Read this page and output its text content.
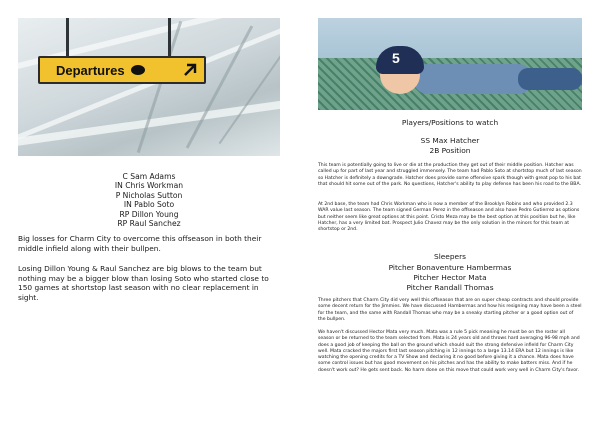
Departures
C Sam Adams
IN Chris Workman
P Nicholas Sutton
IN Pablo Soto
RP Dillon Young
RP Raul Sanchez
Big losses for Charm City to overcome this offseason in both their middle infield along with their bullpen.
Losing Dillon Young & Raul Sanchez are big blows to the team but nothing may be a bigger blow than losing Soto who started close to 150 games at shortstop last season with no clear replacement in sight.
5
Players/Positions to watch
SS Max Hatcher
2B Position
This team is potentially going to live or die at the production they get out of their middle position. Hatcher was called up for part of last year and struggled immensely. The team had Pablo Soto at shortstop much of last season so Hatcher is definitely a downgrade. Hatcher does provide some offensive spark though with great pop to his bat that should hit some out of the park. No questions, Hatcher's ability to play defense has been his road to the BBA.
At 2nd base, the team had Chris Workman who is now a member of the Brooklyn Robins and who provided 2.3 WAR value last season. The team signed German Perez in the offseason and also have Pedro Gutierrez as options but neither seem like great options at this point. Cristo Meza may be the best option at this position but he, like Hatcher, has a very limited bat. Prospect Julio Chavez may be the only solution in the minors for this team at shortstop or 2nd.
Sleepers
Pitcher Bonaventure Hambermas
Pitcher Hector Mata
Pitcher Randall Thomas
Three pitchers that Charm City did very well this offseason that are on super cheap contracts and should provide some decent return for the Jimmies. We have discussed Hambermas and how his resigning may have been a steel for the team, and the same with Randall Thomas who may be a sneaky starting pitcher or a good option out of the bullpen.
We haven't discussed Hector Mata very much. Mata was a rule 5 pick meaning he must be on the roster all season or be returned to the team selected from. Mata is 24 years old and throws hard averaging 96-98 mph and does a good job of keeping the ball on the ground which should suit the strong defensive infield for Charm City well. Mata cracked the majors first last season pitching in 12 innings to a large 13.14 ERA but 12 innings is like watching the opening credits for a TV Show and declaring it no good before giving it a chance. Mata does have some control issues but has good movement on his pitches and has the ability to make batters miss. And if he doesn't work out? He gets sent back. No harm done on this move that could work very well in Charm City's favor.
